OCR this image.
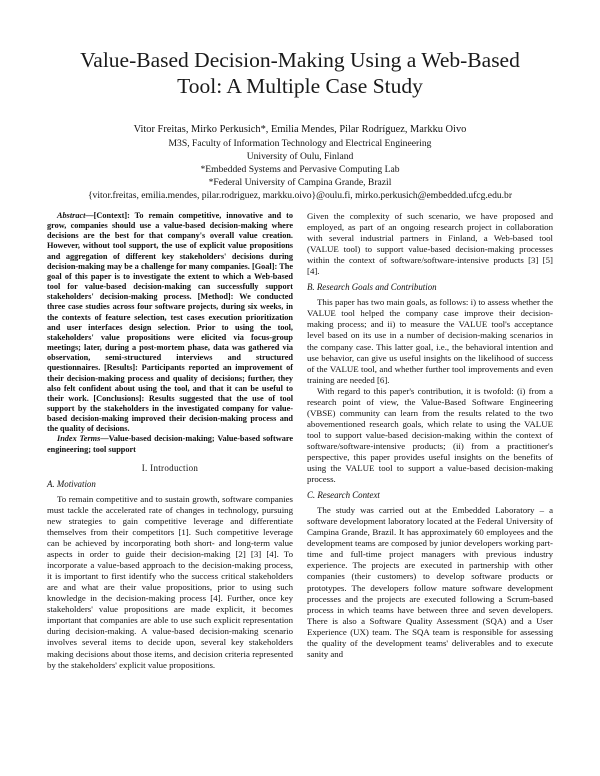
Value-Based Decision-Making Using a Web-Based Tool: A Multiple Case Study
Vitor Freitas, Mirko Perkusich*, Emilia Mendes, Pilar Rodríguez, Markku Oivo
M3S, Faculty of Information Technology and Electrical Engineering
University of Oulu, Finland
*Embedded Systems and Pervasive Computing Lab
*Federal University of Campina Grande, Brazil
{vitor.freitas, emilia.mendes, pilar.rodriguez, markku.oivo}@oulu.fi, mirko.perkusich@embedded.ufcg.edu.br

Abstract—[Context]: To remain competitive, innovative and to grow, companies should use a value-based decision-making where decisions are the best for that company's overall value creation. However, without tool support, the use of explicit value propositions and aggregation of different key stakeholders' decisions during decision-making may be a challenge for many companies. [Goal]: The goal of this paper is to investigate the extent to which a Web-based tool for value-based decision-making can successfully support stakeholders' decision-making process. [Method]: We conducted three case studies across four software projects, during six weeks, in the contexts of feature selection, test cases execution prioritization and user interfaces design selection. Prior to using the tool, stakeholders' value propositions were elicited via focus-group meetings; later, during a post-mortem phase, data was gathered via observation, semi-structured interviews and structured questionnaires. [Results]: Participants reported an improvement of their decision-making process and quality of decisions; further, they also felt confident about using the tool, and that it can be useful to their work. [Conclusions]: Results suggested that the use of tool support by the stakeholders in the investigated company for value-based decision-making improved their decision-making process and the quality of decisions.

Index Terms—Value-based decision-making; Value-based software engineering; tool support

I. Introduction
A. Motivation

To remain competitive and to sustain growth, software companies must tackle the accelerated rate of changes in technology, pursuing new strategies to gain competitive leverage and differentiate themselves from their competitors [1]. Such competitive leverage can be achieved by incorporating both short- and long-term value aspects in order to guide their decision-making [2] [3] [4]. To incorporate a value-based approach to the decision-making process, it is important to first identify who the success critical stakeholders are and what are their value propositions, prior to using such knowledge in the decision-making process [4]. Further, once key stakeholders' value propositions are made explicit, it becomes important that companies are able to use such explicit representation during decision-making. A value-based decision-making scenario involves several items to decide upon, several key stakeholders making decisions about those items, and decision criteria represented by the stakeholders' explicit value propositions.

Given the complexity of such scenario, we have proposed and employed, as part of an ongoing research project in collaboration with several industrial partners in Finland, a Web-based tool (VALUE tool) to support value-based decision-making processes within the context of software/software-intensive products [3] [5] [4].

B. Research Goals and Contribution

This paper has two main goals, as follows: i) to assess whether the VALUE tool helped the company case improve their decision-making process; and ii) to measure the VALUE tool's acceptance level based on its use in a number of decision-making scenarios in the company case. This latter goal, i.e., the behavioral intention and use behavior, can give us useful insights on the likelihood of success of the VALUE tool, and whether further tool improvements and even training are needed [6].

With regard to this paper's contribution, it is twofold: (i) from a research point of view, the Value-Based Software Engineering (VBSE) community can learn from the results related to the two abovementioned research goals, which relate to using the VALUE tool to support value-based decision-making within the context of software/software-intensive products; (ii) from a practitioner's perspective, this paper provides useful insights on the benefits of using the VALUE tool to support a value-based decision-making process.

C. Research Context

The study was carried out at the Embedded Laboratory – a software development laboratory located at the Federal University of Campina Grande, Brazil. It has approximately 60 employees and the development teams are composed by junior developers working part-time and full-time project managers with previous industry experience. The projects are executed in partnership with other companies (their customers) to develop software products or prototypes. The developers follow mature software development processes and the projects are executed following a Scrum-based process in which teams have between three and seven developers. There is also a Software Quality Assessment (SQA) and a User Experience (UX) team. The SQA team is responsible for assessing the quality of the development teams' deliverables and to execute sanity and
